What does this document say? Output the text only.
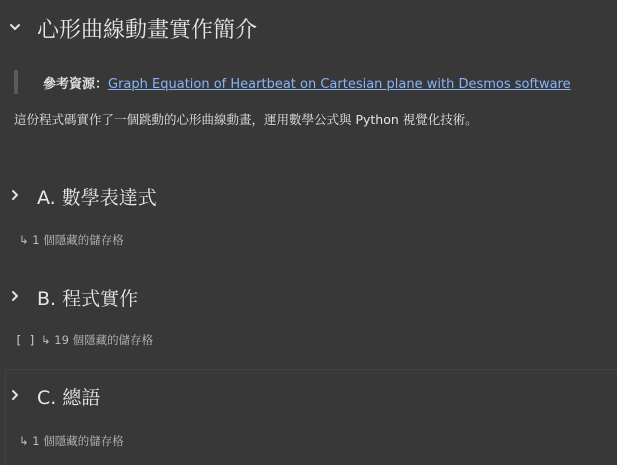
心形曲線動畫實作簡介
參考資源：Graph Equation of Heartbeat on Cartesian plane with Desmos software
這份程式碼實作了一個跳動的心形曲線動畫，運用數學公式與 Python 視覺化技術。
A. 數學表達式
↳ 1 個隱藏的儲存格
B. 程式實作
[ ] ↳ 19 個隱藏的儲存格
C. 總語
↳ 1 個隱藏的儲存格
